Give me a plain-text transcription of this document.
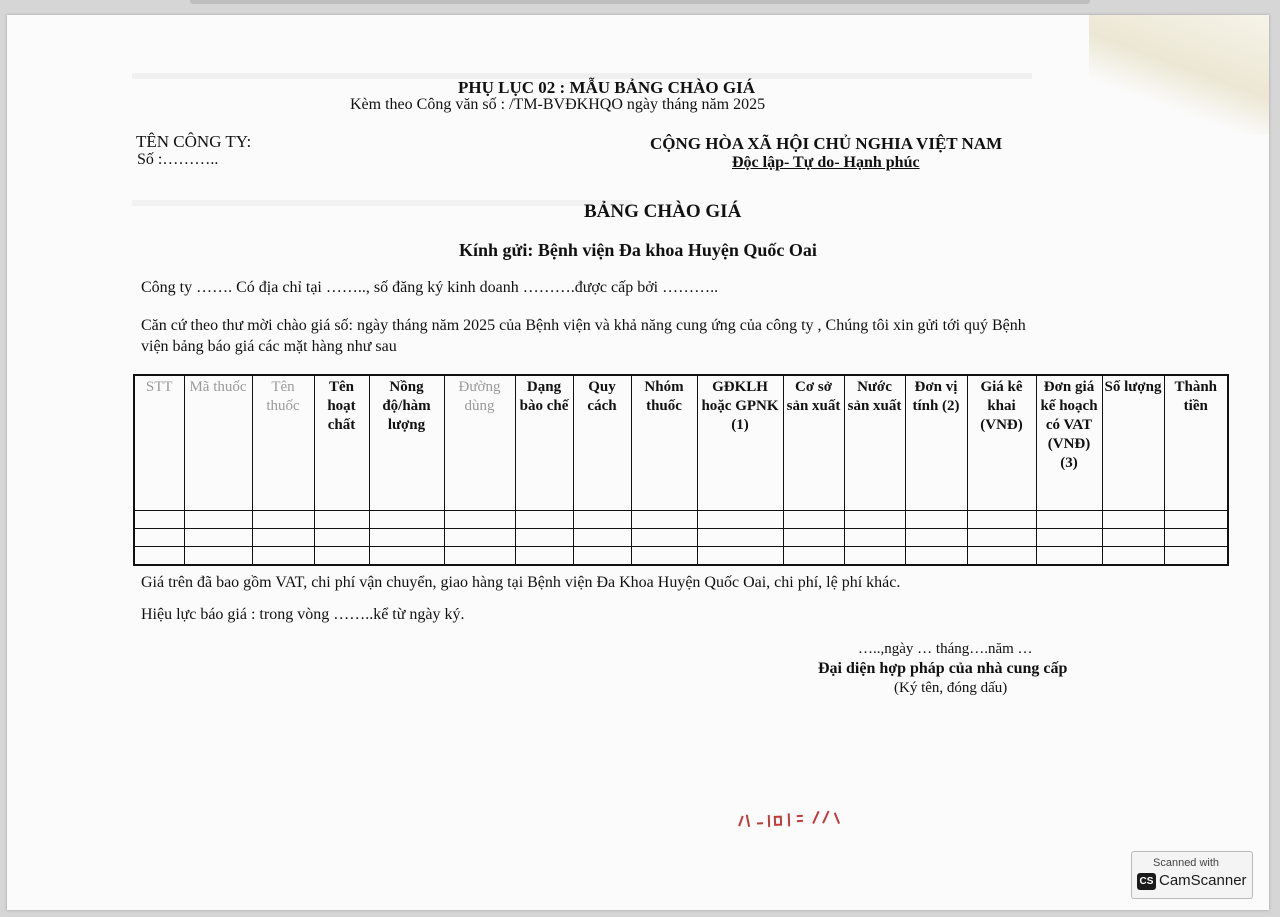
PHỤ LỤC 02 : MẪU BẢNG CHÀO GIÁ
Kèm theo Công văn số : /TM-BVĐKHQO ngày tháng năm 2025
TÊN CÔNG TY:
Số :………..
CỘNG HÒA XÃ HỘI CHỦ NGHIA VIỆT NAM
Độc lập- Tự do- Hạnh phúc
BẢNG CHÀO GIÁ
Kính gửi: Bệnh viện Đa khoa Huyện Quốc Oai
Công ty ……. Có địa chỉ tại …….., số đăng ký kinh doanh ……….được cấp bởi ………..
Căn cứ theo thư mời chào giá số: ngày tháng năm 2025 của Bệnh viện và khả năng cung ứng của công ty , Chúng tôi xin gửi tới quý Bệnh
viện bảng báo giá các mặt hàng như sau
STT	Mã thuốc	Tên thuốc	Tên hoạt chất	Nồng độ/hàm lượng	Đường dùng	Dạng bào chế	Quy cách	Nhóm thuốc	GĐKLH hoặc GPNK (1)	Cơ sở sản xuất	Nước sản xuất	Đơn vị tính (2)	Giá kê khai (VNĐ)	Đơn giá kế hoạch có VAT (VNĐ) (3)	Số lượng	Thành tiền

Giá trên đã bao gồm VAT, chi phí vận chuyển, giao hàng tại Bệnh viện Đa Khoa Huyện Quốc Oai, chi phí, lệ phí khác.
Hiệu lực báo giá : trong vòng ……..kể từ ngày ký.
…..,ngày … tháng….năm …
Đại diện hợp pháp của nhà cung cấp
(Ký tên, đóng dấu)
Scanned with
CS CamScanner
